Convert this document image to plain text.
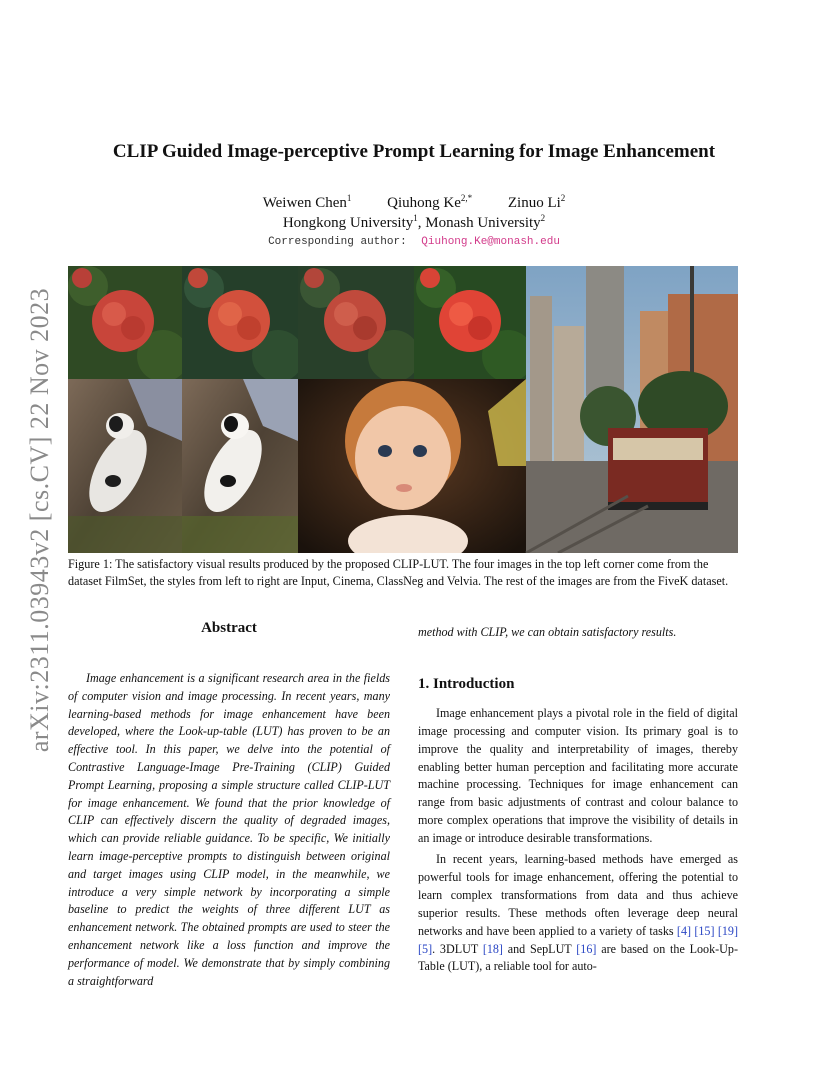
arXiv:2311.03943v2 [cs.CV] 22 Nov 2023
CLIP Guided Image-perceptive Prompt Learning for Image Enhancement
Weiwen Chen$^1$ Qiuhong $Ke^{2,*}$ Zinuo Li$^2$
Hongkong University$^1$, Monash University$^2$
Corresponding author: Qiuhong.Ke@monash.edu
Figure 1: The satisfactory visual results produced by the proposed CLIP-LUT. The four images in the top left corner come from the dataset FilmSet, the styles from left to right are Input, Cinema, ClassNeg and Velvia. The rest of the images are from the FiveK dataset.
Abstract

Image enhancement is a significant research area in the fields of computer vision and image processing. In recent years, many learning-based methods for image enhancement have been developed, where the Look-up-table (LUT) has proven to be an effective tool. In this paper, we delve into the potential of Contrastive Language-Image Pre-Training (CLIP) Guided Prompt Learning, proposing a simple structure called CLIP-LUT for image enhancement. We found that the prior knowledge of CLIP can effectively discern the quality of degraded images, which can provide reliable guidance. To be specific, We initially learn image-perceptive prompts to distinguish between original and target images using CLIP model, in the meanwhile, we introduce a very simple network by incorporating a simple baseline to predict the weights of three different LUT as enhancement network. The obtained prompts are used to steer the enhancement network like a loss function and improve the performance of model. We demonstrate that by simply combining a straightforward

method with CLIP, we can obtain satisfactory results.

1. Introduction

Image enhancement plays a pivotal role in the field of digital image processing and computer vision. Its primary goal is to improve the quality and interpretability of images, thereby enabling better human perception and facilitating more accurate machine processing. Techniques for image enhancement can range from basic adjustments of contrast and colour balance to more complex operations that improve the visibility of details in an image or introduce desirable transformations.

In recent years, learning-based methods have emerged as powerful tools for image enhancement, offering the potential to learn complex transformations from data and thus achieve superior results. These methods often leverage deep neural networks and have been applied to a variety of tasks [4] [15] [19] [5]. 3DLUT [18] and SepLUT [16] are based on the Look-Up-Table (LUT), a reliable tool for auto-
